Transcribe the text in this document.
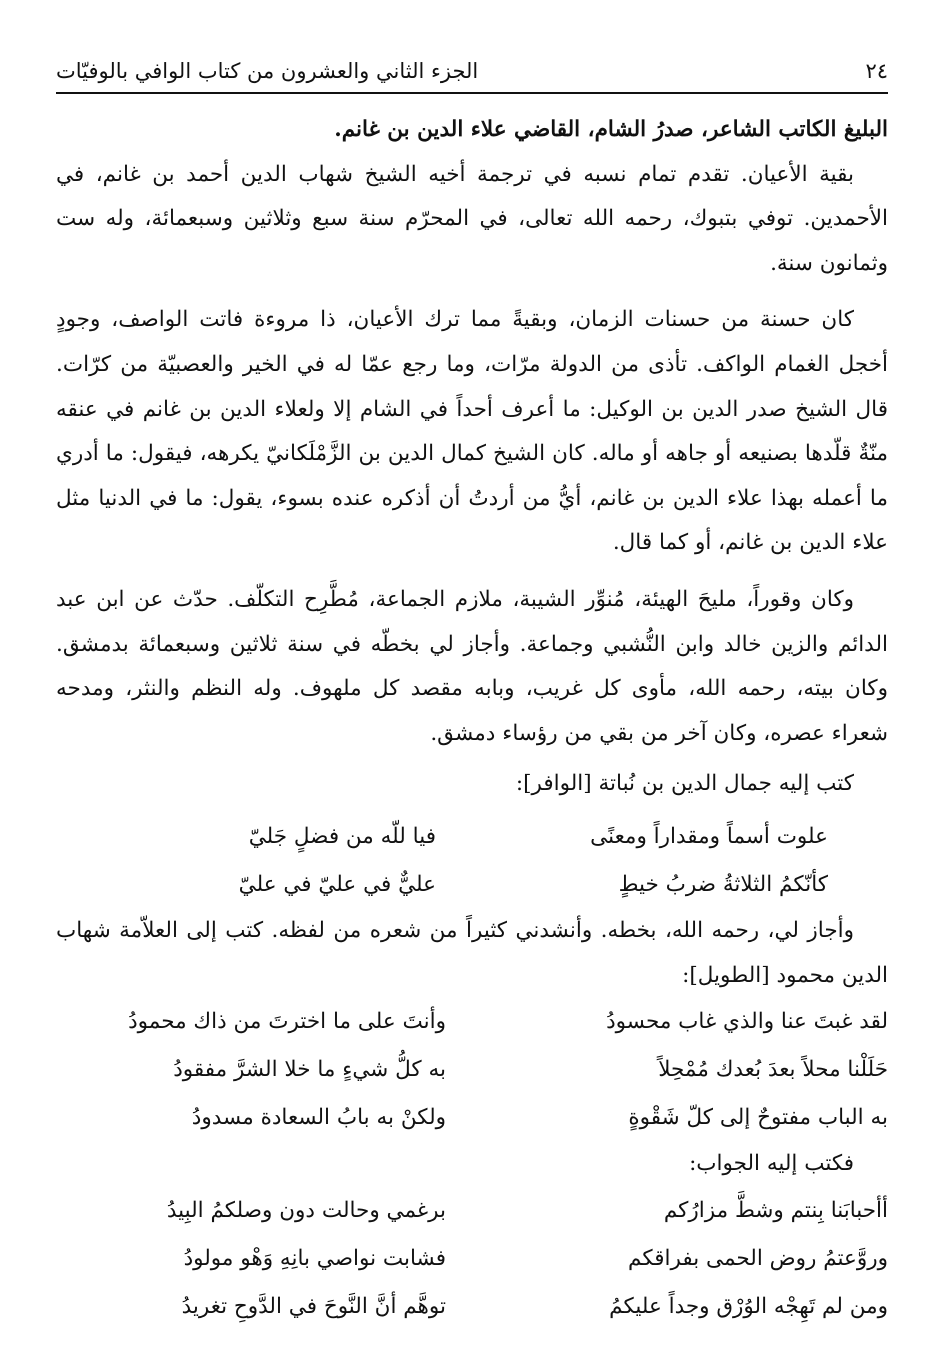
٢٤
الجزء الثاني والعشرون من كتاب الوافي بالوفيّات

البليغ الكاتب الشاعر، صدرُ الشام، القاضي علاء الدين بن غانم.

بقية الأعيان. تقدم تمام نسبه في ترجمة أخيه الشيخ شهاب الدين أحمد بن غانم، في الأحمدين. توفي بتبوك، رحمه الله تعالى، في المحرّم سنة سبع وثلاثين وسبعمائة، وله ست وثمانون سنة.

كان حسنة من حسنات الزمان، وبقيةً مما ترك الأعيان، ذا مروءة فاتت الواصف، وجودٍ أخجل الغمام الواكف. تأذى من الدولة مرّات، وما رجع عمّا له في الخير والعصبيّة من كرّات. قال الشيخ صدر الدين بن الوكيل: ما أعرف أحداً في الشام إلا ولعلاء الدين بن غانم في عنقه منّةٌ قلّدها بصنيعه أو جاهه أو ماله. كان الشيخ كمال الدين بن الزَّمْلَكانيّ يكرهه، فيقول: ما أدري ما أعمله بهذا علاء الدين بن غانم، أيُّ من أردتُ أن أذكره عنده بسوء، يقول: ما في الدنيا مثل علاء الدين بن غانم، أو كما قال.

وكان وقوراً، مليحَ الهيئة، مُنوِّر الشيبة، ملازم الجماعة، مُطَّرِح التكلّف. حدّث عن ابن عبد الدائم والزين خالد وابن النُّشبي وجماعة. وأجاز لي بخطّه في سنة ثلاثين وسبعمائة بدمشق. وكان بيته، رحمه الله، مأوى كل غريب، وبابه مقصد كل ملهوف. وله النظم والنثر، ومدحه شعراء عصره، وكان آخر من بقي من رؤساء دمشق.

كتب إليه جمال الدين بن نُباتة [الوافر]:

علوت أسماً ومقداراً ومعنًى
فيا للّه من فضلٍ جَليّ
كأنّكمُ الثلاثةُ ضربُ خيطٍ
عليٌّ في عليّ في عليّ

وأجاز لي، رحمه الله، بخطه. وأنشدني كثيراً من شعره من لفظه. كتب إلى العلاّمة شهاب الدين محمود [الطويل]:

لقد غبتَ عنا والذي غاب محسودُ
وأنتَ على ما اخترتَ من ذاك محمودُ
حَلَلْنا محلاً بعدَ بُعدك مُمْحِلاً
به كلُّ شيءٍ ما خلا الشرَّ مفقودُ
به الباب مفتوحٌ إلى كلّ شَقْوةٍ
ولكنْ به بابُ السعادة مسدودُ

فكتب إليه الجواب:

أأحبابَنا بِنتم وشطَّ مزارُكم
برغمي وحالت دون وصلكمُ البِيدُ
وروَّعتمُ روض الحمى بفراقكم
فشابت نواصي بانِهِ وَهْو مولودُ
ومن لم تَهِجْه الوُرْق وجداً عليكمُ
توهَّم أنَّ النَّوحَ في الدَّوحِ تغريدُ
